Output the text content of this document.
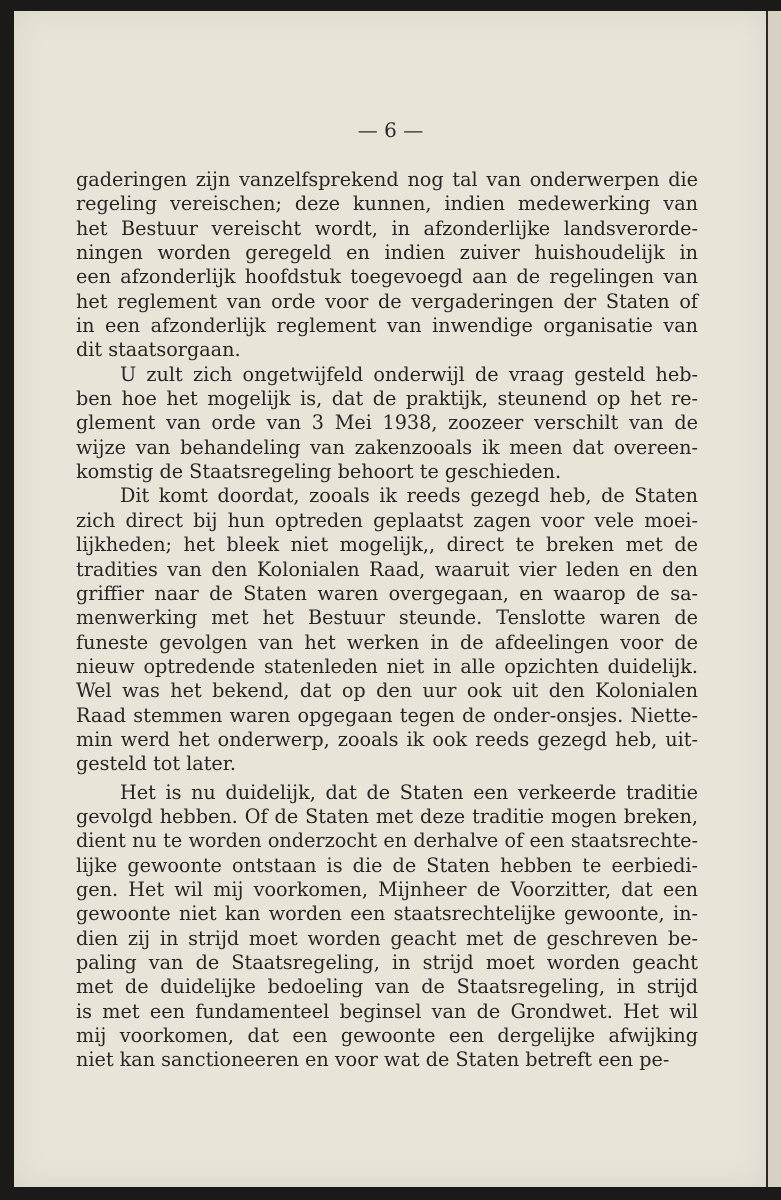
— 6 —
gaderingen zijn vanzelfsprekend nog tal van onderwerpen die
regeling vereischen; deze kunnen, indien medewerking van
het Bestuur vereischt wordt, in afzonderlijke landsverorde-
ningen worden geregeld en indien zuiver huishoudelijk in
een afzonderlijk hoofdstuk toegevoegd aan de regelingen van
het reglement van orde voor de vergaderingen der Staten of
in een afzonderlijk reglement van inwendige organisatie van
dit staatsorgaan.
U zult zich ongetwijfeld onderwijl de vraag gesteld heb-
ben hoe het mogelijk is, dat de praktijk, steunend op het re-
glement van orde van 3 Mei 1938, zoozeer verschilt van de
wijze van behandeling van zakenzooals ik meen dat overeen-
komstig de Staatsregeling behoort te geschieden.
Dit komt doordat, zooals ik reeds gezegd heb, de Staten
zich direct bij hun optreden geplaatst zagen voor vele moei-
lijkheden; het bleek niet mogelijk,, direct te breken met de
tradities van den Kolonialen Raad, waaruit vier leden en den
griffier naar de Staten waren overgegaan, en waarop de sa-
menwerking met het Bestuur steunde. Tenslotte waren de
funeste gevolgen van het werken in de afdeelingen voor de
nieuw optredende statenleden niet in alle opzichten duidelijk.
Wel was het bekend, dat op den uur ook uit den Kolonialen
Raad stemmen waren opgegaan tegen de onder-onsjes. Niette-
min werd het onderwerp, zooals ik ook reeds gezegd heb, uit-
gesteld tot later.
Het is nu duidelijk, dat de Staten een verkeerde traditie
gevolgd hebben. Of de Staten met deze traditie mogen breken,
dient nu te worden onderzocht en derhalve of een staatsrechte-
lijke gewoonte ontstaan is die de Staten hebben te eerbiedi-
gen. Het wil mij voorkomen, Mijnheer de Voorzitter, dat een
gewoonte niet kan worden een staatsrechtelijke gewoonte, in-
dien zij in strijd moet worden geacht met de geschreven be-
paling van de Staatsregeling, in strijd moet worden geacht
met de duidelijke bedoeling van de Staatsregeling, in strijd
is met een fundamenteel beginsel van de Grondwet. Het wil
mij voorkomen, dat een gewoonte een dergelijke afwijking
niet kan sanctioneeren en voor wat de Staten betreft een pe-
